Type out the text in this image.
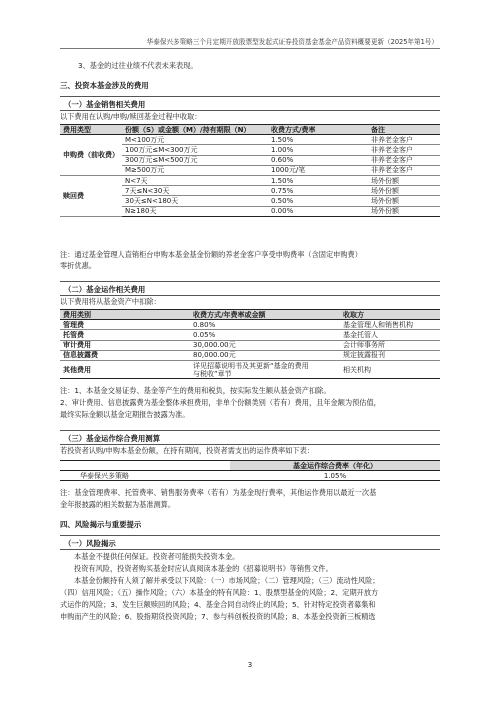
华泰保兴多策略三个月定期开放股票型发起式证券投资基金基金产品资料概要更新（2025年第1号）
3、基金的过往业绩不代表未来表现。
三、投资本基金涉及的费用
（一）基金销售相关费用
以下费用在认购/申购/赎回基金过程中收取：
费用类型	份额（S）或金额（M）/持有期限（N）	收费方式/费率	备注
申购费（前收费）	M<100万元	1.50%	非养老金客户
	100万元≤M<300万元	1.00%	非养老金客户
	300万元≤M<500万元	0.60%	非养老金客户
	M≥500万元	1000元/笔	非养老金客户
赎回费	N<7天	1.50%	场外份额
	7天≤N<30天	0.75%	场外份额
	30天≤N<180天	0.50%	场外份额
	N≥180天	0.00%	场外份额
注：通过基金管理人直销柜台申购本基金基金份额的养老金客户享受申购费率（含固定申购费）
零折优惠。
（二）基金运作相关费用
以下费用将从基金资产中扣除：
费用类别	收费方式/年费率或金额	收取方
管理费	0.80%	基金管理人和销售机构
托管费	0.05%	基金托管人
审计费用	30,000.00元	会计师事务所
信息披露费	80,000.00元	规定披露报刊
其他费用	详见招募说明书及其更新“基金的费用
与税收”章节	相关机构
注：1、本基金交易证券、基金等产生的费用和税负，按实际发生额从基金资产扣除。
2、审计费用、信息披露费为基金整体承担费用，非单个份额类别（若有）费用，且年金额为预估值，
最终实际金额以基金定期报告披露为准。
（三）基金运作综合费用测算
若投资者认购/申购本基金份额，在持有期间，投资者需支出的运作费率如下表：
	基金运作综合费率（年化）
华泰保兴多策略	1.05%
注：基金管理费率、托管费率、销售服务费率（若有）为基金现行费率，其他运作费用以最近一次基
金年报披露的相关数据为基准测算。
四、风险揭示与重要提示
（一）风险揭示
本基金不提供任何保证。投资者可能损失投资本金。
投资有风险，投资者购买基金时应认真阅读本基金的《招募说明书》等销售文件。
本基金份额持有人须了解并承受以下风险：（一）市场风险；（二）管理风险；（三）流动性风险；
（四）信用风险；（五）操作风险；（六）本基金的特有风险：1、股票型基金的风险；2、定期开放方
式运作的风险；3、发生巨额赎回的风险；4、基金合同自动终止的风险；5、针对特定投资者募集和
申购而产生的风险；6、股指期货投资风险；7、参与科创板投资的风险；8、本基金投资新三板精选
3
